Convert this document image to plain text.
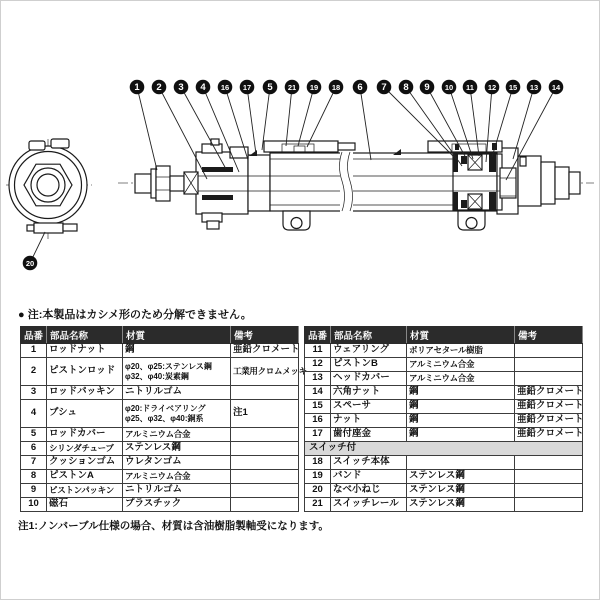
1 2 3 4 16 17 5 21 19 18 6 7 8 9 10 11 12 15 13 14
20
● 注:本製品はカシメ形のため分解できません。
注1:ノンバーブル仕様の場合、材質は含油樹脂製軸受になります。
品番	部品名称	材質	備考
1	ロッドナット	鋼	亜鉛クロメート
2	ピストンロッド	φ20、φ25:ステンレス鋼
φ32、φ40:炭素鋼	工業用クロムメッキ
3	ロッドパッキン	ニトリルゴム	
4	ブシュ	φ20:ドライベアリング
φ25、φ32、φ40:銅系	注1
5	ロッドカバー	アルミニウム合金	
6	シリンダチューブ	ステンレス鋼	
7	クッションゴム	ウレタンゴム	
8	ピストンA	アルミニウム合金	
9	ピストンパッキン	ニトリルゴム	
10	磁石	プラスチック	
品番	部品名称	材質	備考
11	ウェアリング	ポリアセタール樹脂	
12	ピストンB	アルミニウム合金	
13	ヘッドカバー	アルミニウム合金	
14	六角ナット	鋼	亜鉛クロメート
15	スペーサ	鋼	亜鉛クロメート
16	ナット	鋼	亜鉛クロメート
17	歯付座金	鋼	亜鉛クロメート
スイッチ付			
18	スイッチ本体		
19	バンド	ステンレス鋼	
20	なべ小ねじ	ステンレス鋼	
21	スイッチレール	ステンレス鋼	
